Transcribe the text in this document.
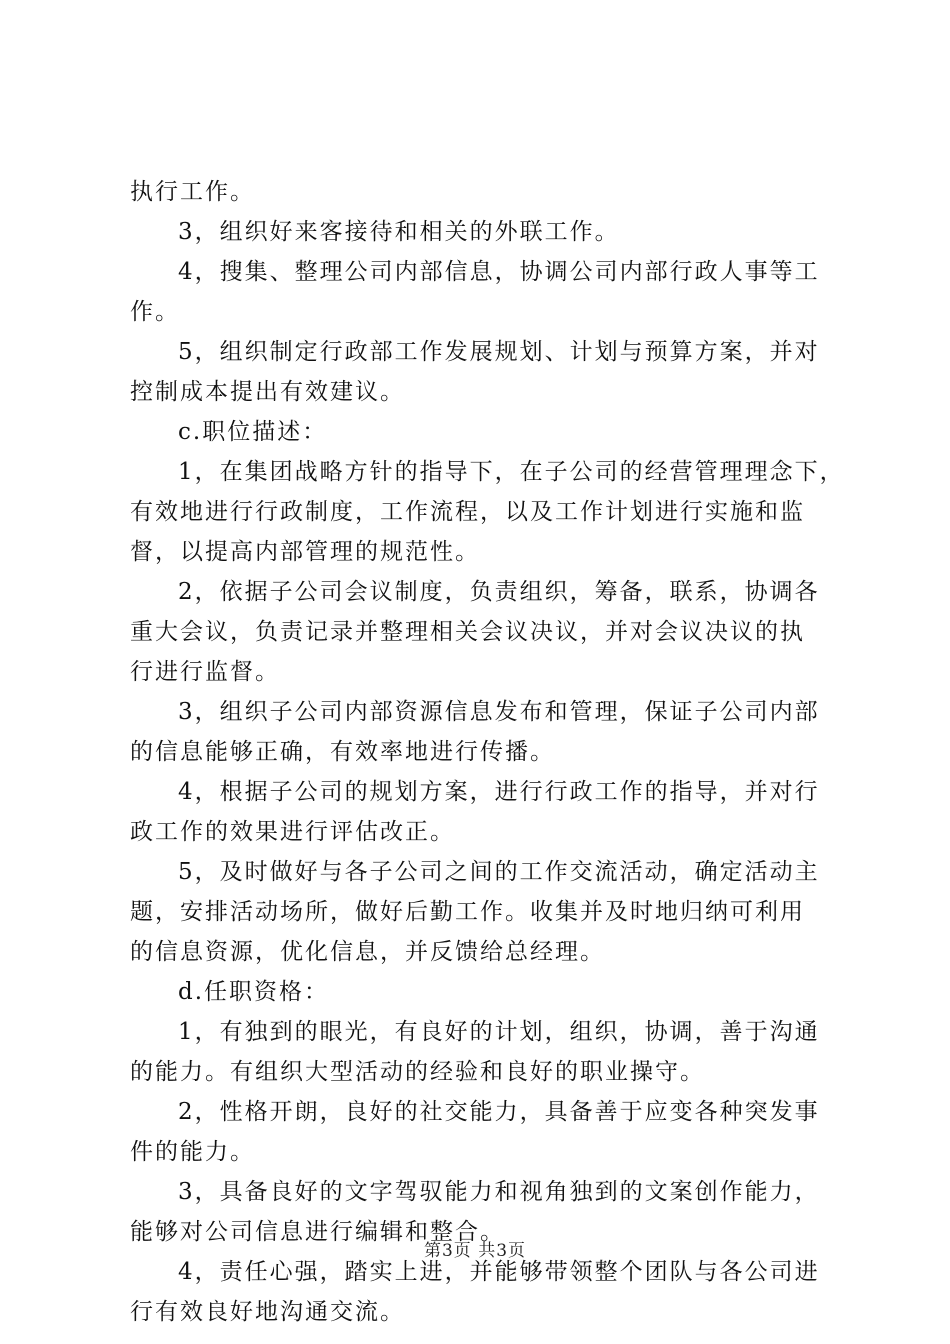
执行工作。
3，组织好来客接待和相关的外联工作。
4，搜集、整理公司内部信息，协调公司内部行政人事等工
作。
5，组织制定行政部工作发展规划、计划与预算方案，并对
控制成本提出有效建议。
c.职位描述：
1，在集团战略方针的指导下，在子公司的经营管理理念下，
有效地进行行政制度，工作流程，以及工作计划进行实施和监
督，以提高内部管理的规范性。
2，依据子公司会议制度，负责组织，筹备，联系，协调各
重大会议，负责记录并整理相关会议决议，并对会议决议的执
行进行监督。
3，组织子公司内部资源信息发布和管理，保证子公司内部
的信息能够正确，有效率地进行传播。
4，根据子公司的规划方案，进行行政工作的指导，并对行
政工作的效果进行评估改正。
5，及时做好与各子公司之间的工作交流活动，确定活动主
题，安排活动场所，做好后勤工作。收集并及时地归纳可利用
的信息资源，优化信息，并反馈给总经理。
d.任职资格：
1，有独到的眼光，有良好的计划，组织，协调，善于沟通
的能力。有组织大型活动的经验和良好的职业操守。
2，性格开朗，良好的社交能力，具备善于应变各种突发事
件的能力。
3，具备良好的文字驾驭能力和视角独到的文案创作能力，
能够对公司信息进行编辑和整合。
4，责任心强，踏实上进，并能够带领整个团队与各公司进
行有效良好地沟通交流。
第3页 共3页
